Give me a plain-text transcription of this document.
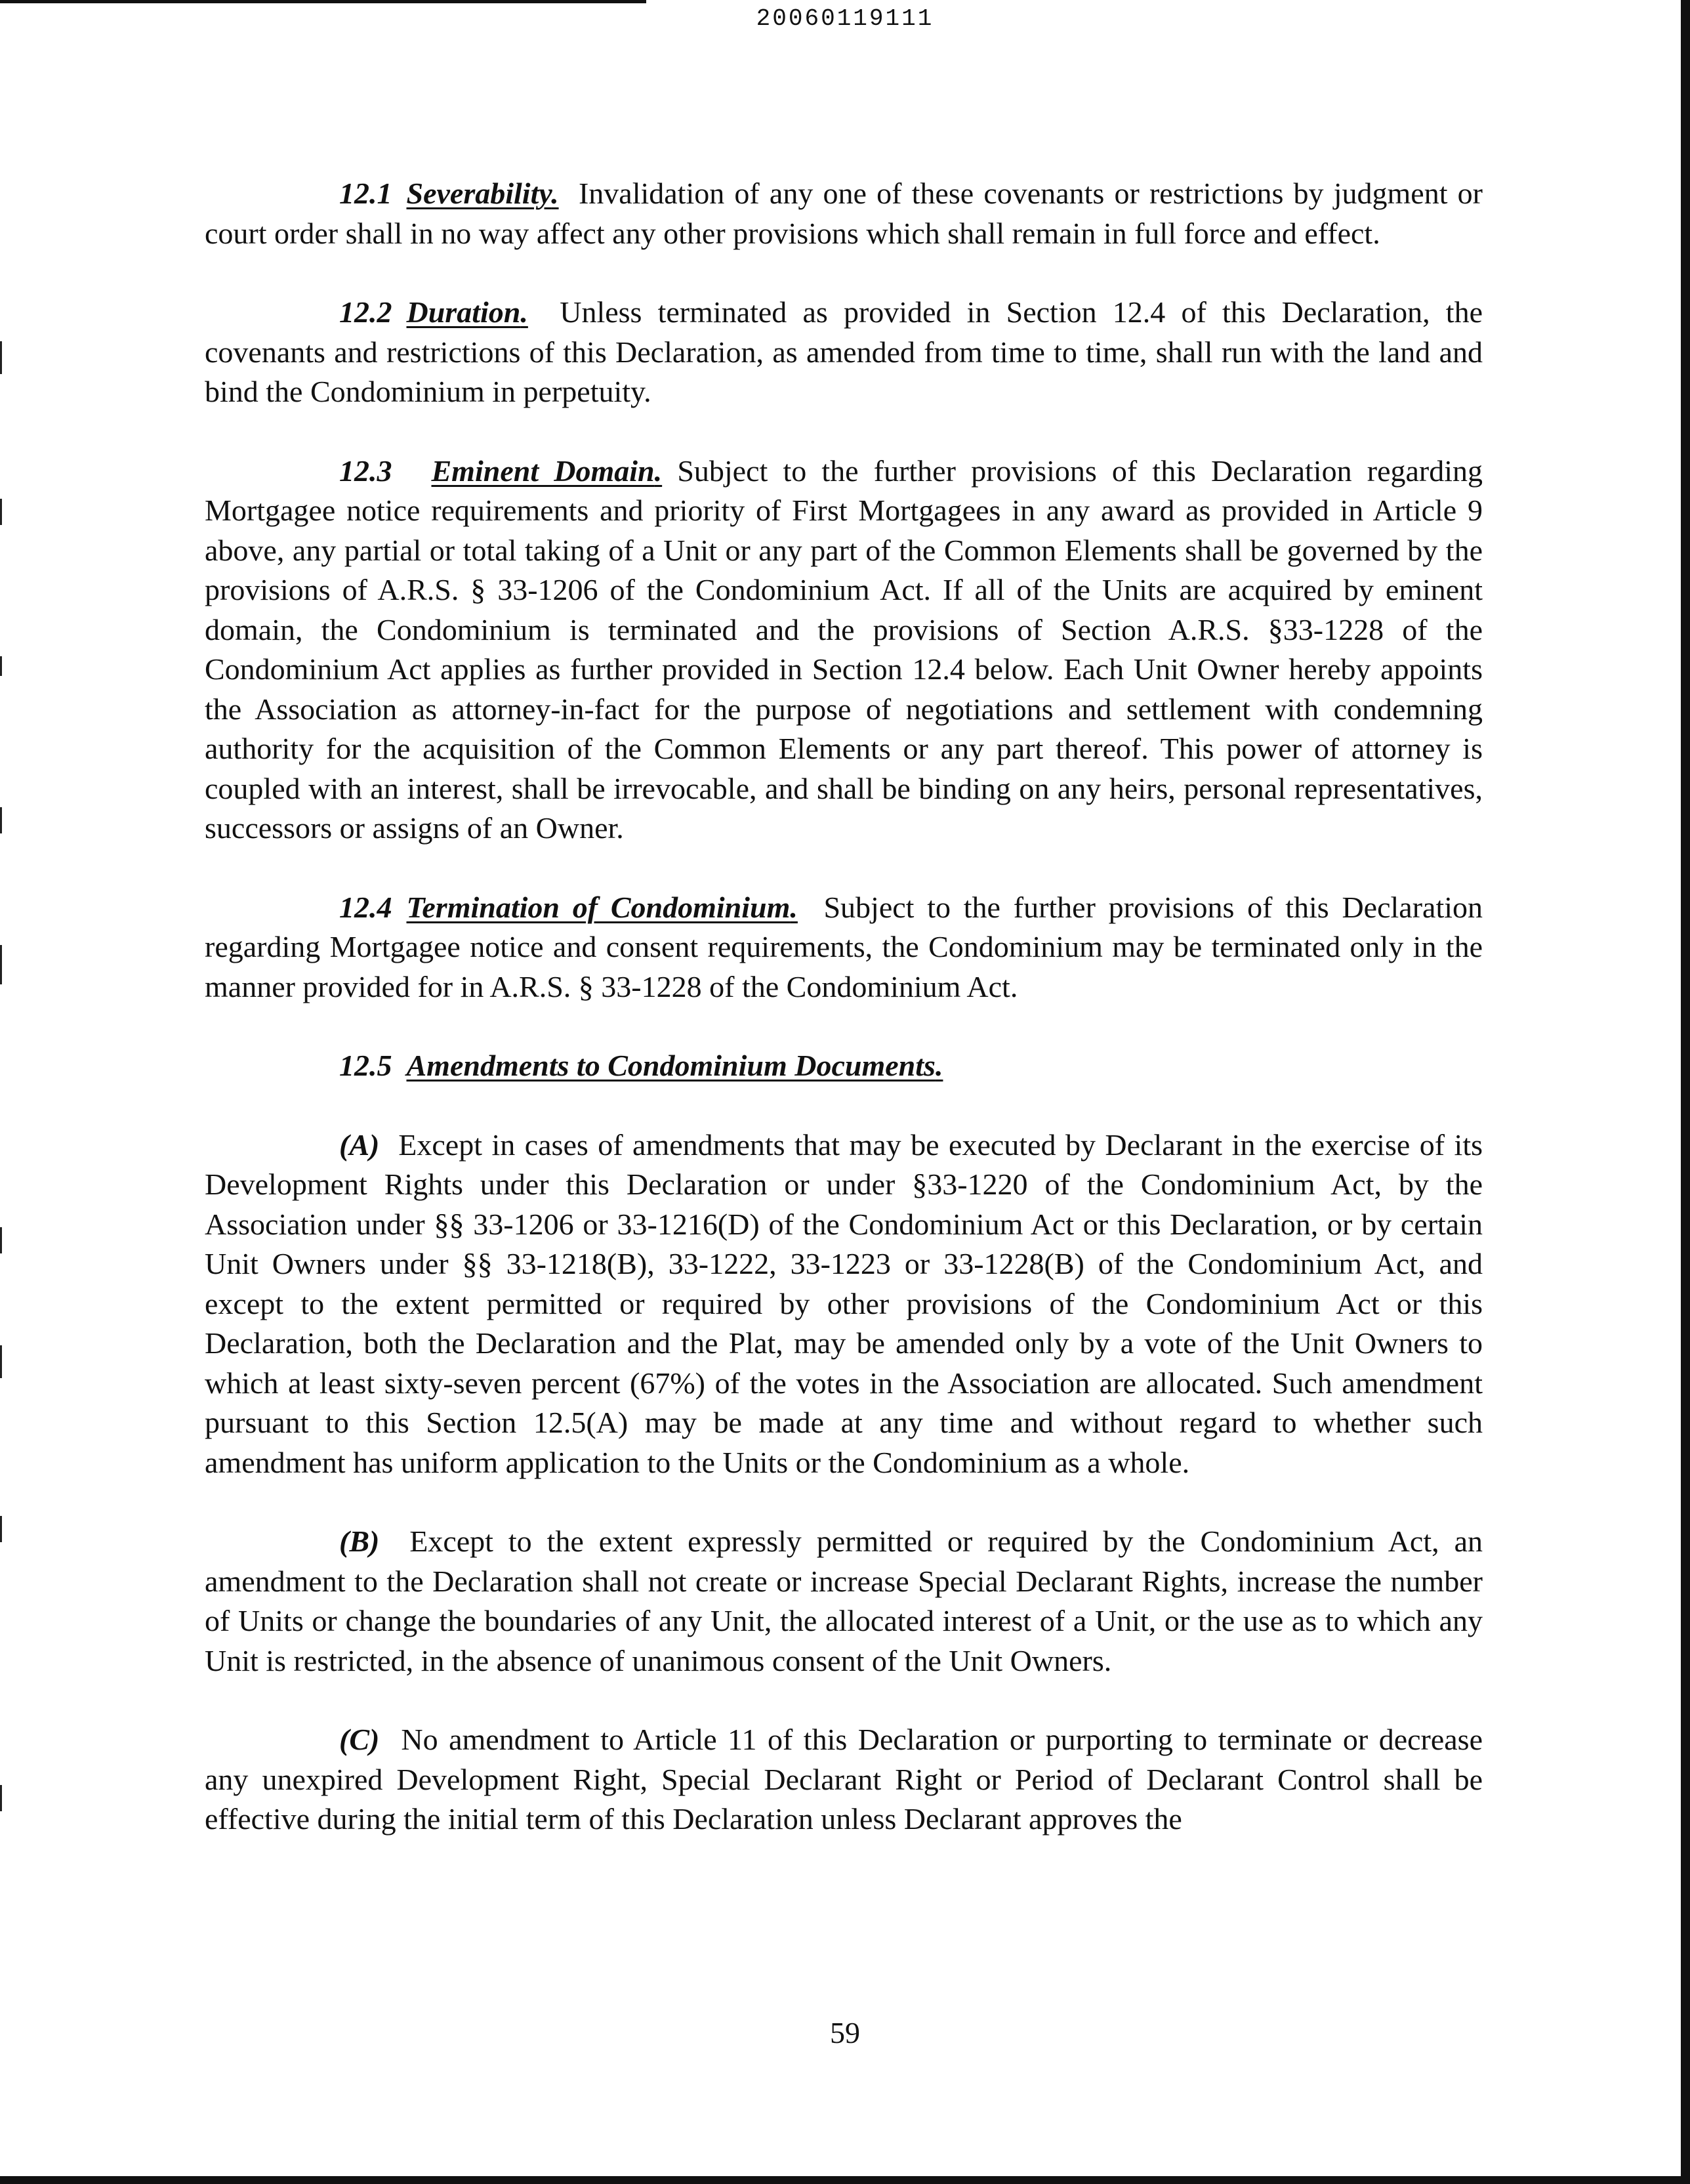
20060119111

12.1 Severability. Invalidation of any one of these covenants or restrictions by judgment or court order shall in no way affect any other provisions which shall remain in full force and effect.

12.2 Duration. Unless terminated as provided in Section 12.4 of this Declaration, the covenants and restrictions of this Declaration, as amended from time to time, shall run with the land and bind the Condominium in perpetuity.

12.3 Eminent Domain. Subject to the further provisions of this Declaration regarding Mortgagee notice requirements and priority of First Mortgagees in any award as provided in Article 9 above, any partial or total taking of a Unit or any part of the Common Elements shall be governed by the provisions of A.R.S. § 33-1206 of the Condominium Act. If all of the Units are acquired by eminent domain, the Condominium is terminated and the provisions of Section A.R.S. §33-1228 of the Condominium Act applies as further provided in Section 12.4 below. Each Unit Owner hereby appoints the Association as attorney-in-fact for the purpose of negotiations and settlement with condemning authority for the acquisition of the Common Elements or any part thereof. This power of attorney is coupled with an interest, shall be irrevocable, and shall be binding on any heirs, personal representatives, successors or assigns of an Owner.

12.4 Termination of Condominium. Subject to the further provisions of this Declaration regarding Mortgagee notice and consent requirements, the Condominium may be terminated only in the manner provided for in A.R.S. § 33-1228 of the Condominium Act.

12.5 Amendments to Condominium Documents.

(A) Except in cases of amendments that may be executed by Declarant in the exercise of its Development Rights under this Declaration or under §33-1220 of the Condominium Act, by the Association under §§ 33-1206 or 33-1216(D) of the Condominium Act or this Declaration, or by certain Unit Owners under §§ 33-1218(B), 33-1222, 33-1223 or 33-1228(B) of the Condominium Act, and except to the extent permitted or required by other provisions of the Condominium Act or this Declaration, both the Declaration and the Plat, may be amended only by a vote of the Unit Owners to which at least sixty-seven percent (67%) of the votes in the Association are allocated. Such amendment pursuant to this Section 12.5(A) may be made at any time and without regard to whether such amendment has uniform application to the Units or the Condominium as a whole.

(B) Except to the extent expressly permitted or required by the Condominium Act, an amendment to the Declaration shall not create or increase Special Declarant Rights, increase the number of Units or change the boundaries of any Unit, the allocated interest of a Unit, or the use as to which any Unit is restricted, in the absence of unanimous consent of the Unit Owners.

(C) No amendment to Article 11 of this Declaration or purporting to terminate or decrease any unexpired Development Right, Special Declarant Right or Period of Declarant Control shall be effective during the initial term of this Declaration unless Declarant approves the

59
